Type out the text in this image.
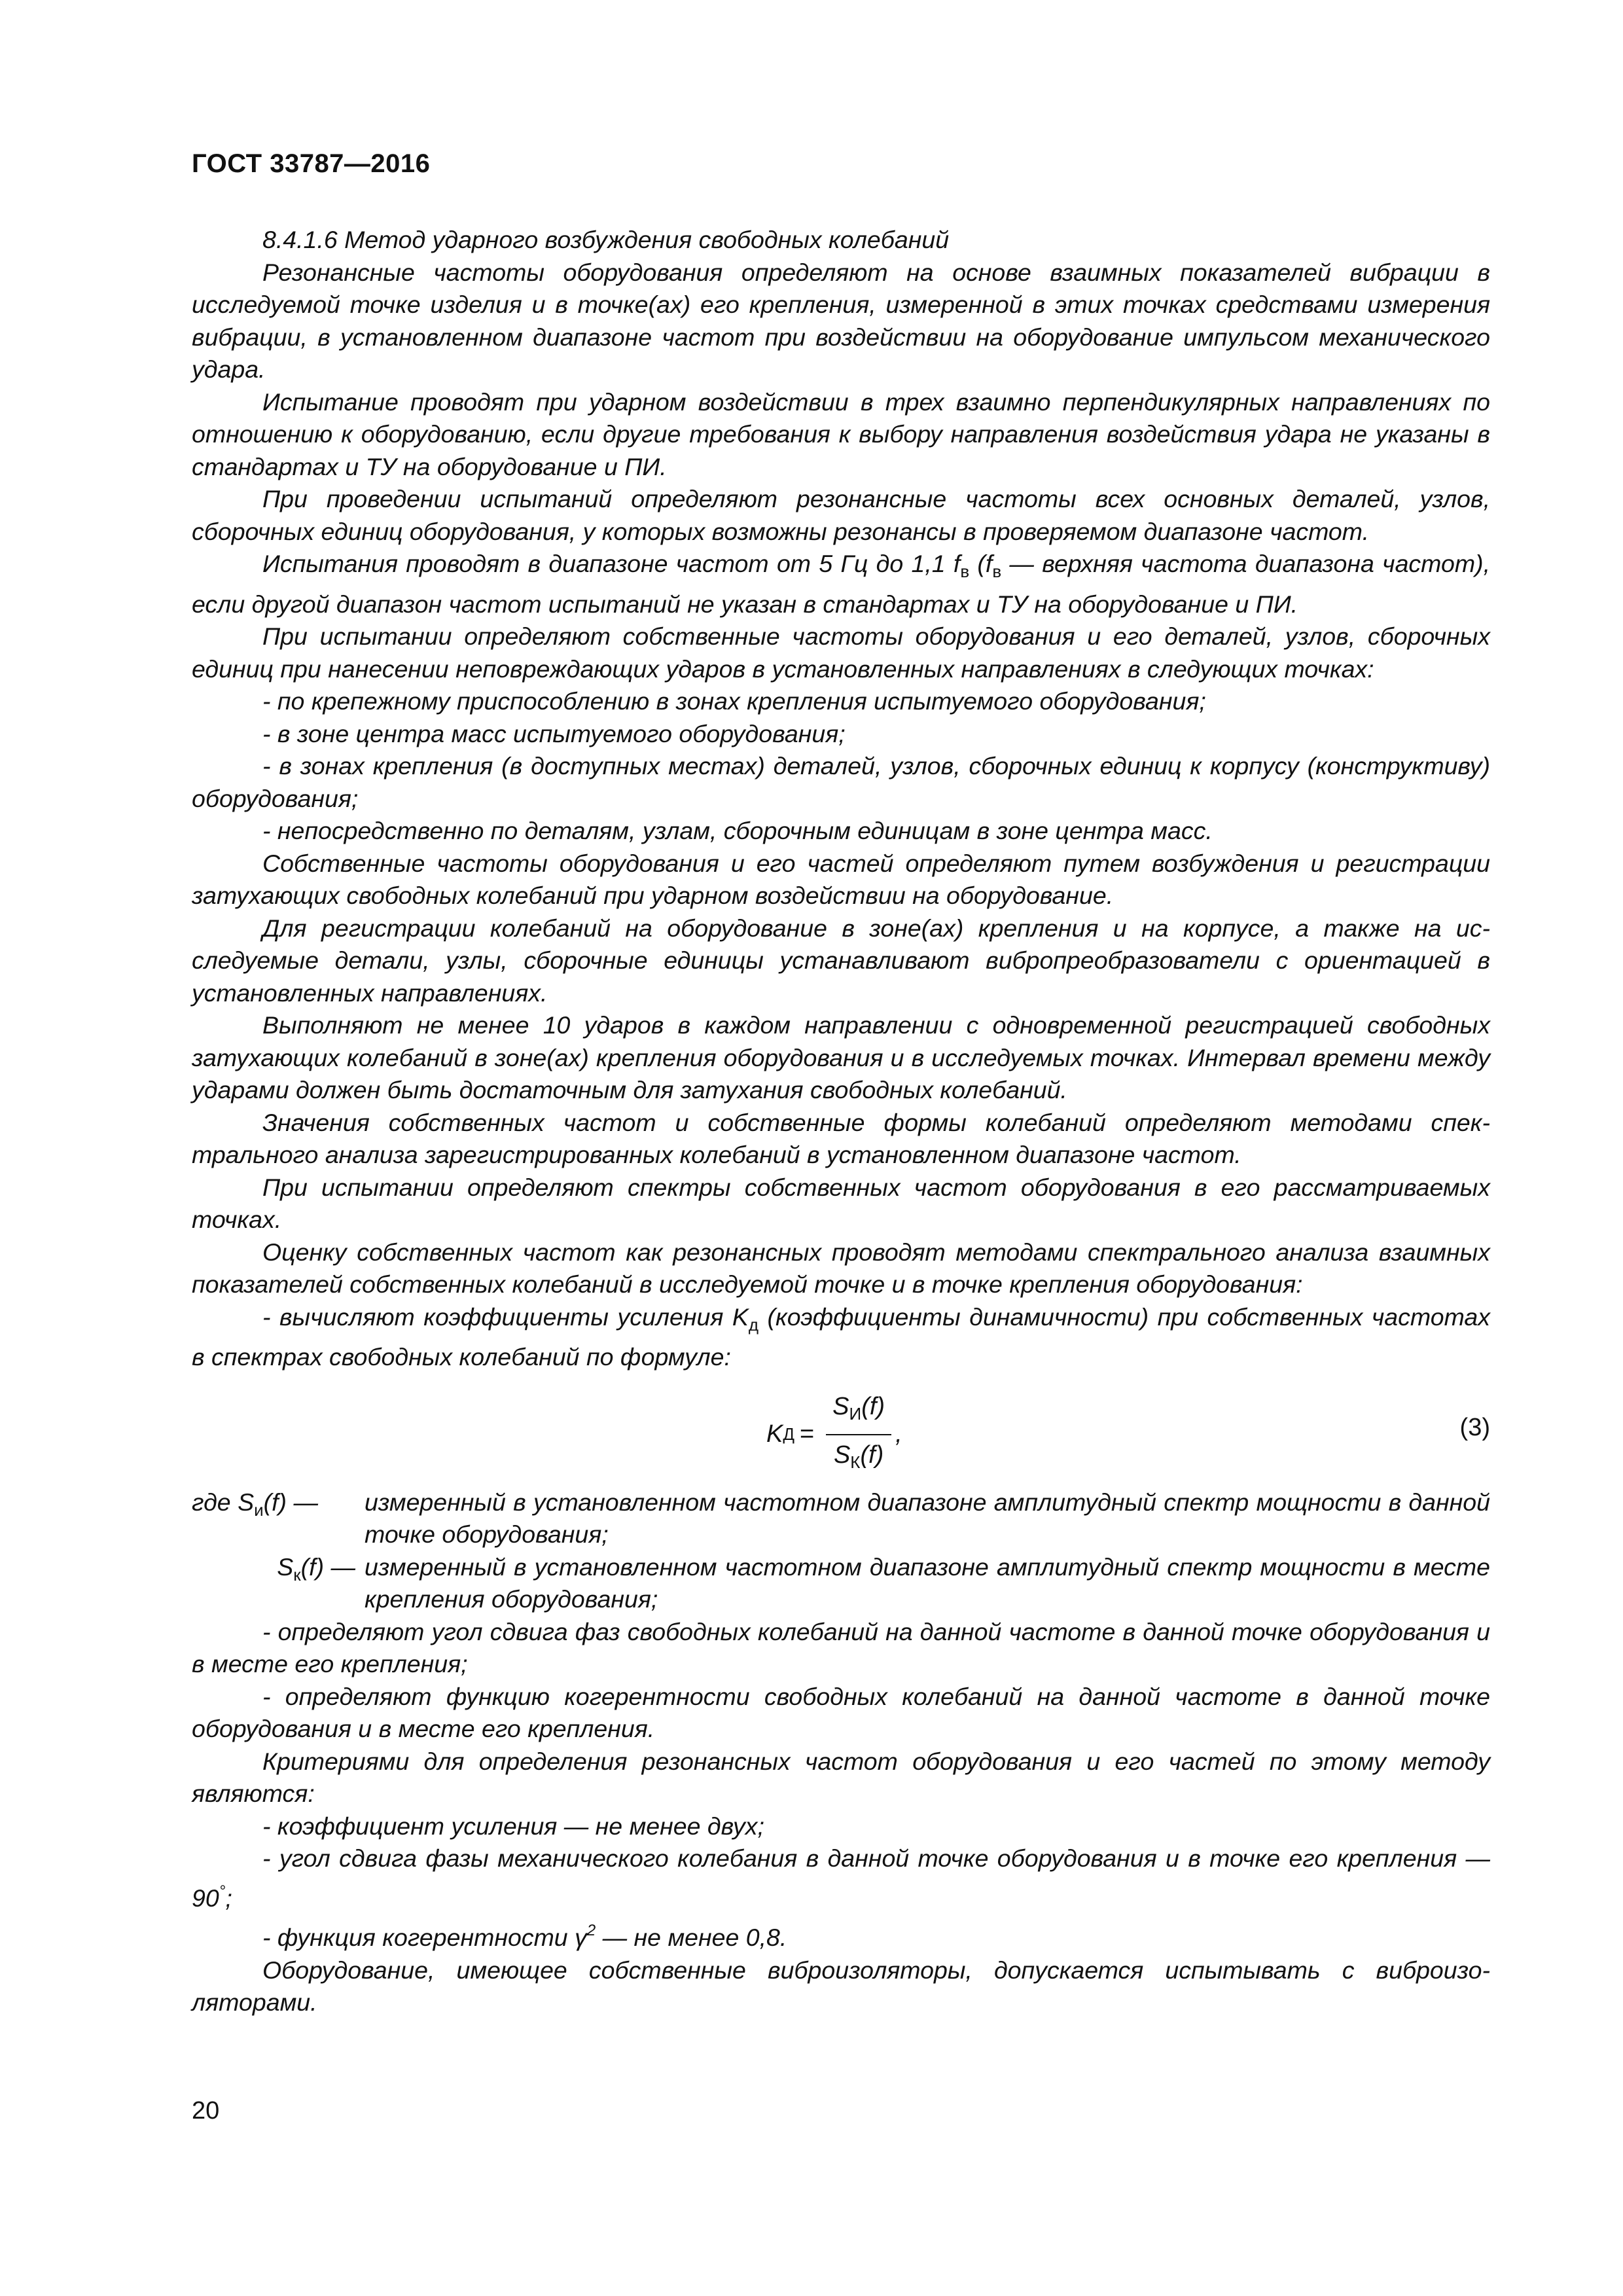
ГОСТ 33787—2016

8.4.1.6 Метод ударного возбуждения свободных колебаний

Резонансные частоты оборудования определяют на основе взаимных показателей вибрации в исследуемой точке изделия и в точке(ах) его крепления, измеренной в этих точках средствами измерения вибрации, в установленном диапазоне частот при воздействии на оборудование импульсом механического удара.

Испытание проводят при ударном воздействии в трех взаимно перпендикулярных направлениях по отношению к оборудованию, если другие требования к выбору направления воздействия удара не указаны в стандартах и ТУ на оборудование и ПИ.

При проведении испытаний определяют резонансные частоты всех основных деталей, узлов, сборочных единиц оборудования, у которых возможны резонансы в проверяемом диапазоне частот.

Испытания проводят в диапазоне частот от 5 Гц до 1,1 $f_в$ ($f_в$ — верхняя частота диапазона частот), если другой диапазон частот испытаний не указан в стандартах и ТУ на оборудование и ПИ.

При испытании определяют собственные частоты оборудования и его деталей, узлов, сборочных единиц при нанесении неповреждающих ударов в установленных направлениях в следующих точках:

- по крепежному приспособлению в зонах крепления испытуемого оборудования;

- в зоне центра масс испытуемого оборудования;

- в зонах крепления (в доступных местах) деталей, узлов, сборочных единиц к корпусу (конструктиву) оборудования;

- непосредственно по деталям, узлам, сборочным единицам в зоне центра масс.

Собственные частоты оборудования и его частей определяют путем возбуждения и регистрации затухающих свободных колебаний при ударном воздействии на оборудование.

Для регистрации колебаний на оборудование в зоне(ах) крепления и на корпусе, а также на исследуемые детали, узлы, сборочные единицы устанавливают вибропреобразователи с ориентацией в установленных направлениях.

Выполняют не менее 10 ударов в каждом направлении с одновременной регистрацией свободных затухающих колебаний в зоне(ах) крепления оборудования и в исследуемых точках. Интервал времени между ударами должен быть достаточным для затухания свободных колебаний.

Значения собственных частот и собственные формы колебаний определяют методами спектрального анализа зарегистрированных колебаний в установленном диапазоне частот.

При испытании определяют спектры собственных частот оборудования в его рассматриваемых точках.

Оценку собственных частот как резонансных проводят методами спектрального анализа взаимных показателей собственных колебаний в исследуемой точке и в точке крепления оборудования:

- вычисляют коэффициенты усиления $K_д$ (коэффициенты динамичности) при собственных частотах в спектрах свободных колебаний по формуле:

K $Д = \frac{S_И(f)}{S_К(f)}$ ,	(3)
где $S_и(f)$ —	измеренный в установленном частотном диапазоне амплитудный спектр мощности в данной точке оборудования;
$S_к(f)$ — измеренный в установленном частотном диапазоне амплитудный спектр мощности в месте крепления оборудования;

- определяют угол сдвига фаз свободных колебаний на данной частоте в данной точке оборудования и в месте его крепления;

- определяют функцию когерентности свободных колебаний на данной частоте в данной точке оборудования и в месте его крепления.

Критериями для определения резонансных частот оборудования и его частей по этому методу являются:

- коэффициент усиления — не менее двух;

- угол сдвига фазы механического колебания в данной точке оборудования и в точке его крепления — 90°;

- функция когерентности $\gamma^2$ — не менее 0,8.

Оборудование, имеющее собственные виброизоляторы, допускается испытывать с виброизоляторами.

20
